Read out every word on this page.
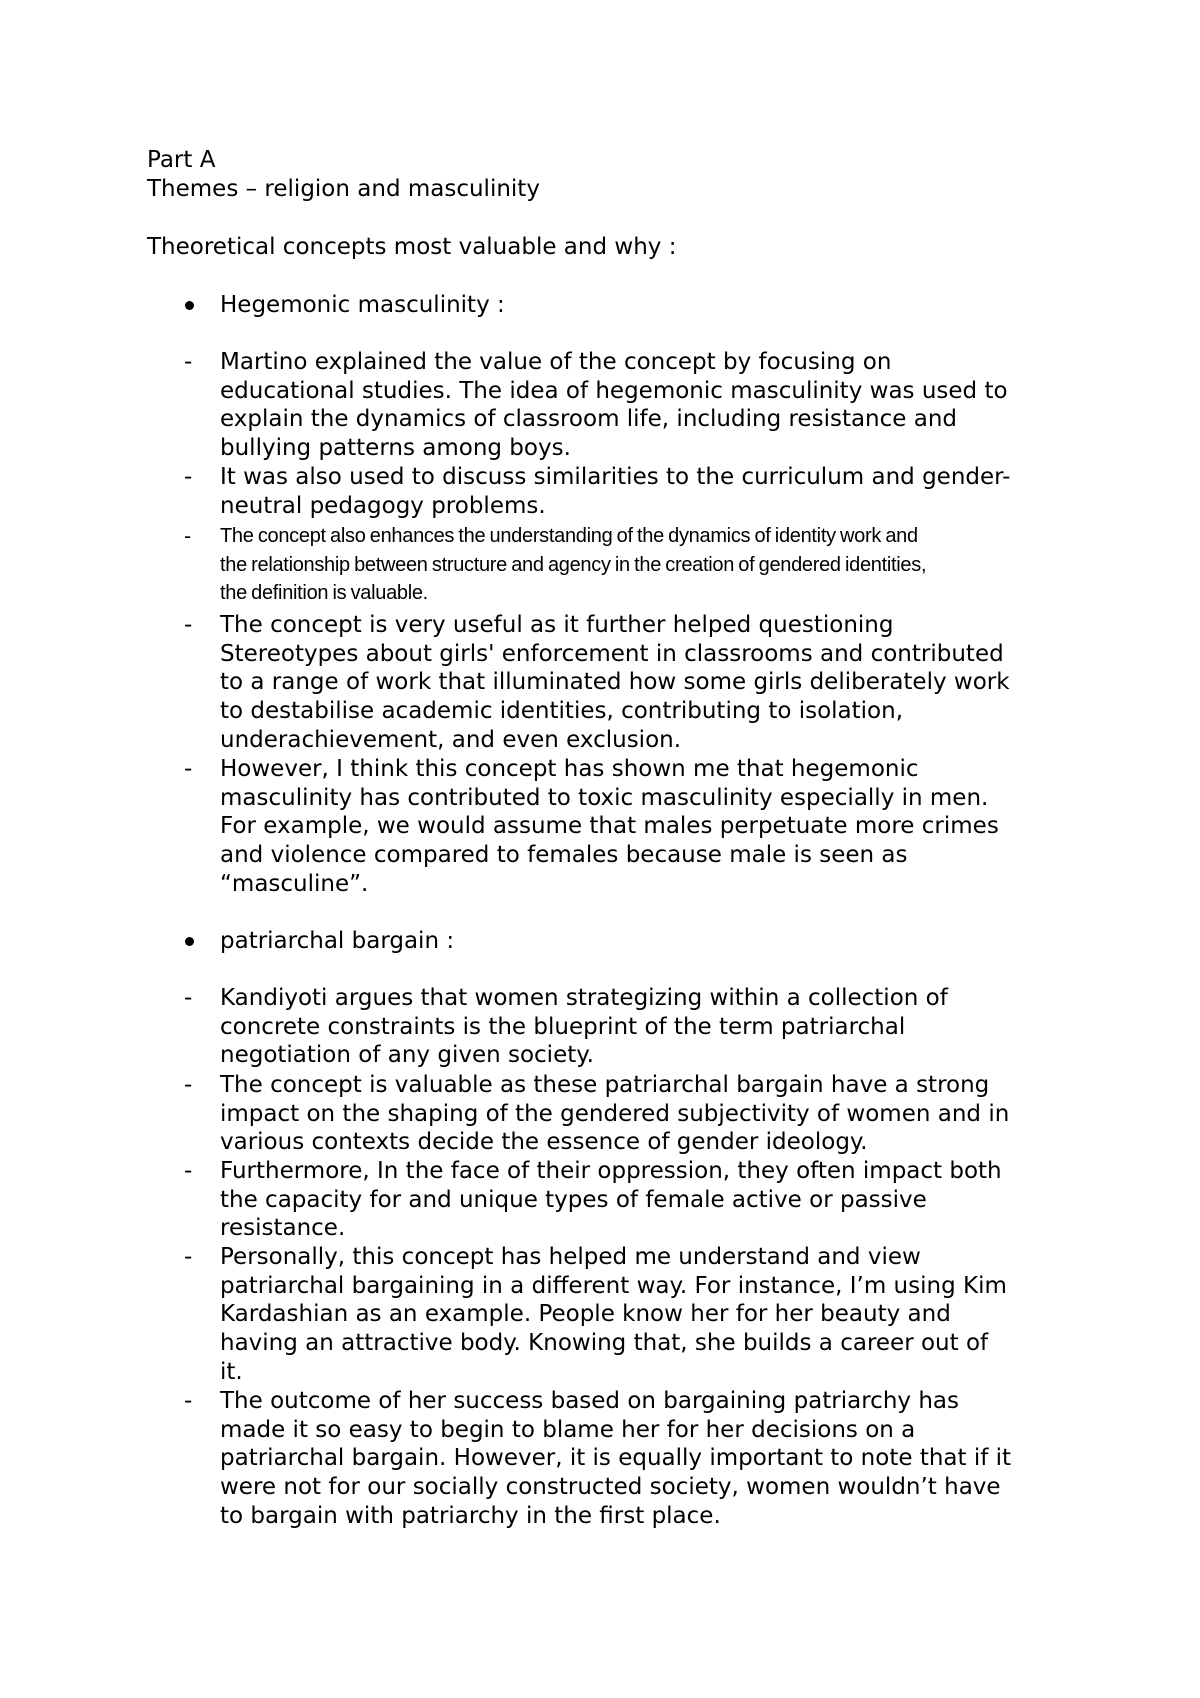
Part A
Themes – religion and masculinity
Theoretical concepts most valuable and why :
Hegemonic masculinity :
- Martino explained the value of the concept by focusing on
educational studies. The idea of hegemonic masculinity was used to
explain the dynamics of classroom life, including resistance and
bullying patterns among boys.
- It was also used to discuss similarities to the curriculum and gender-
neutral pedagogy problems.
- The concept also enhances the understanding of the dynamics of identity work and
the relationship between structure and agency in the creation of gendered identities,
the definition is valuable.
- The concept is very useful as it further helped questioning
Stereotypes about girls' enforcement in classrooms and contributed
to a range of work that illuminated how some girls deliberately work
to destabilise academic identities, contributing to isolation,
underachievement, and even exclusion.
- However, I think this concept has shown me that hegemonic
masculinity has contributed to toxic masculinity especially in men.
For example, we would assume that males perpetuate more crimes
and violence compared to females because male is seen as
“masculine”.
patriarchal bargain :
- Kandiyoti argues that women strategizing within a collection of
concrete constraints is the blueprint of the term patriarchal
negotiation of any given society.
- The concept is valuable as these patriarchal bargain have a strong
impact on the shaping of the gendered subjectivity of women and in
various contexts decide the essence of gender ideology.
- Furthermore, In the face of their oppression, they often impact both
the capacity for and unique types of female active or passive
resistance.
- Personally, this concept has helped me understand and view
patriarchal bargaining in a different way. For instance, I’m using Kim
Kardashian as an example. People know her for her beauty and
having an attractive body. Knowing that, she builds a career out of
it.
- The outcome of her success based on bargaining patriarchy has
made it so easy to begin to blame her for her decisions on a
patriarchal bargain. However, it is equally important to note that if it
were not for our socially constructed society, women wouldn’t have
to bargain with patriarchy in the first place.
